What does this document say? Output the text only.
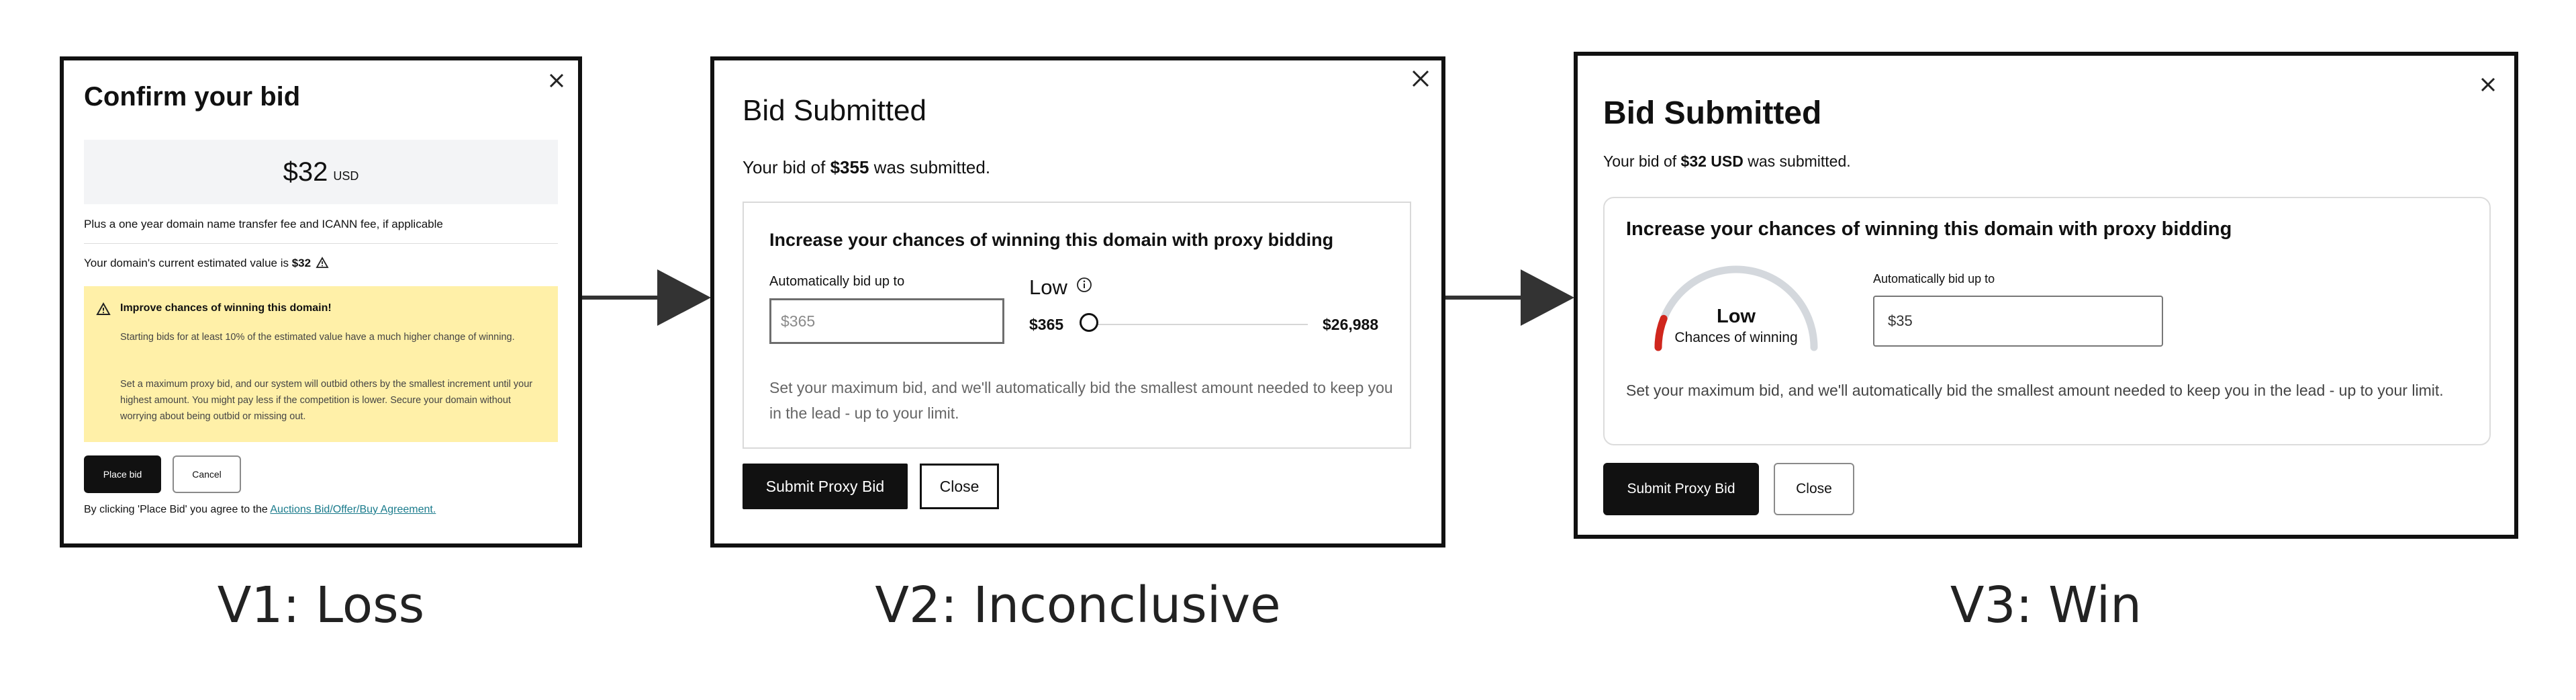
Confirm your bid
$32 USD
Plus a one year domain name transfer fee and ICANN fee, if applicable
Your domain's current estimated value is $32
Improve chances of winning this domain!
Starting bids for at least 10% of the estimated value have a much higher change of winning.
Set a maximum proxy bid, and our system will outbid others by the smallest increment until your highest amount. You might pay less if the competition is lower. Secure your domain without worrying about being outbid or missing out.
Place bid	Cancel
By clicking 'Place Bid' you agree to the Auctions Bid/Offer/Buy Agreement.
Bid Submitted
Your bid of $355 was submitted.
Increase your chances of winning this domain with proxy bidding
Automatically bid up to
$365	Low
$365	$26,988
Set your maximum bid, and we'll automatically bid the smallest amount needed to keep you in the lead - up to your limit.
Submit Proxy Bid	Close
Bid Submitted
Your bid of $32 USD was submitted.
Increase your chances of winning this domain with proxy bidding
Low
Chances of winning
Automatically bid up to
$35
Set your maximum bid, and we'll automatically bid the smallest amount needed to keep you in the lead - up to your limit.
Submit Proxy Bid	Close
V1: Loss	V2: Inconclusive	V3: Win
